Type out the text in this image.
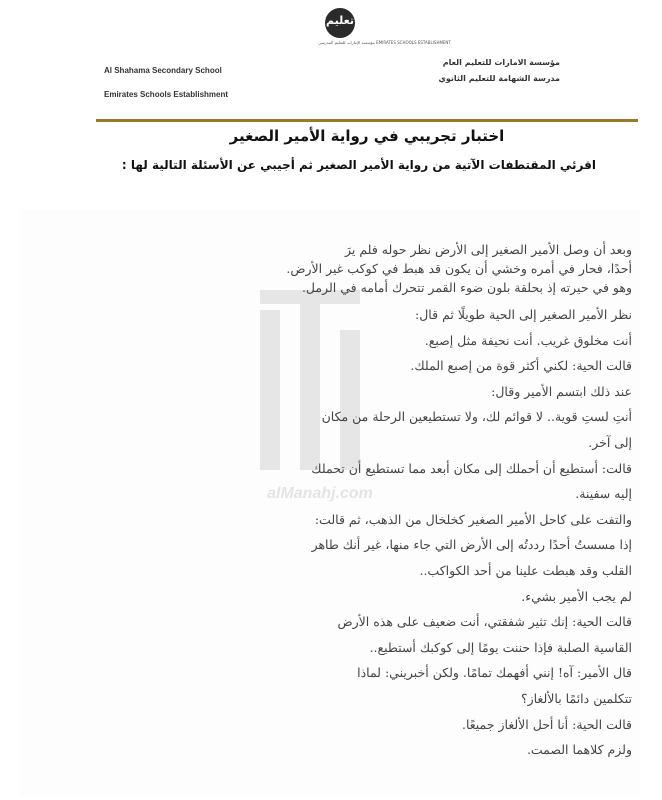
تعليم
مؤسسة الإمارات للتعليم المدرسي EMIRATES SCHOOLS ESTABLISHMENT
Al Shahama Secondary School
Emirates Schools Establishment
مؤسسة الامارات للتعليم العام
مدرسة الشهامة للتعليم الثانوي
اختبار تجريبي في رواية الأمير الصغير
اقرئي المقتطفات الآتية من رواية الأمير الصغير ثم أجيبي عن الأسئلة التالية لها :
alManahj.com
وبعد أن وصل الأمير الصغير إلى الأرض نظر حوله فلم يرَ
أحدًا، فحار في أمره وخشي أن يكون قد هبط في كوكب غير الأرض.
وهو في حيرته إذ بحلقة بلون ضوء القمر تتحرك أمامه في الرمل.
نظر الأمير الصغير إلى الحية طويلًا ثم قال:
أنت مخلوق غريب. أنت نحيفة مثل إصبع.
قالت الحية: لكني أكثر قوة من إصبع الملك.
عند ذلك ابتسم الأمير وقال:
أنتِ لستِ قوية.. لا قوائم لك، ولا تستطيعين الرحلة من مكان
إلى آخر.
قالت: أستطيع أن أحملك إلى مكان أبعد مما تستطيع أن تحملك
إليه سفينة.
والتفت على كاحل الأمير الصغير كخلخال من الذهب، ثم قالت:
إذا مسستُ أحدًا رددتُه إلى الأرض التي جاء منها، غير أنك طاهر
القلب وقد هبطت علينا من أحد الكواكب..
لم يجب الأمير بشيء.
قالت الحية: إنك تثير شفقتي، أنت ضعيف على هذه الأرض
القاسية الصلبة فإذا حننت يومًا إلى كوكبك أستطيع..
قال الأمير: آه! إنني أفهمك تمامًا. ولكن أخبريني: لماذا
تتكلمين دائمًا بالألغاز؟
قالت الحية: أنا أحل الألغاز جميعًا.
ولزم كلاهما الصمت.
